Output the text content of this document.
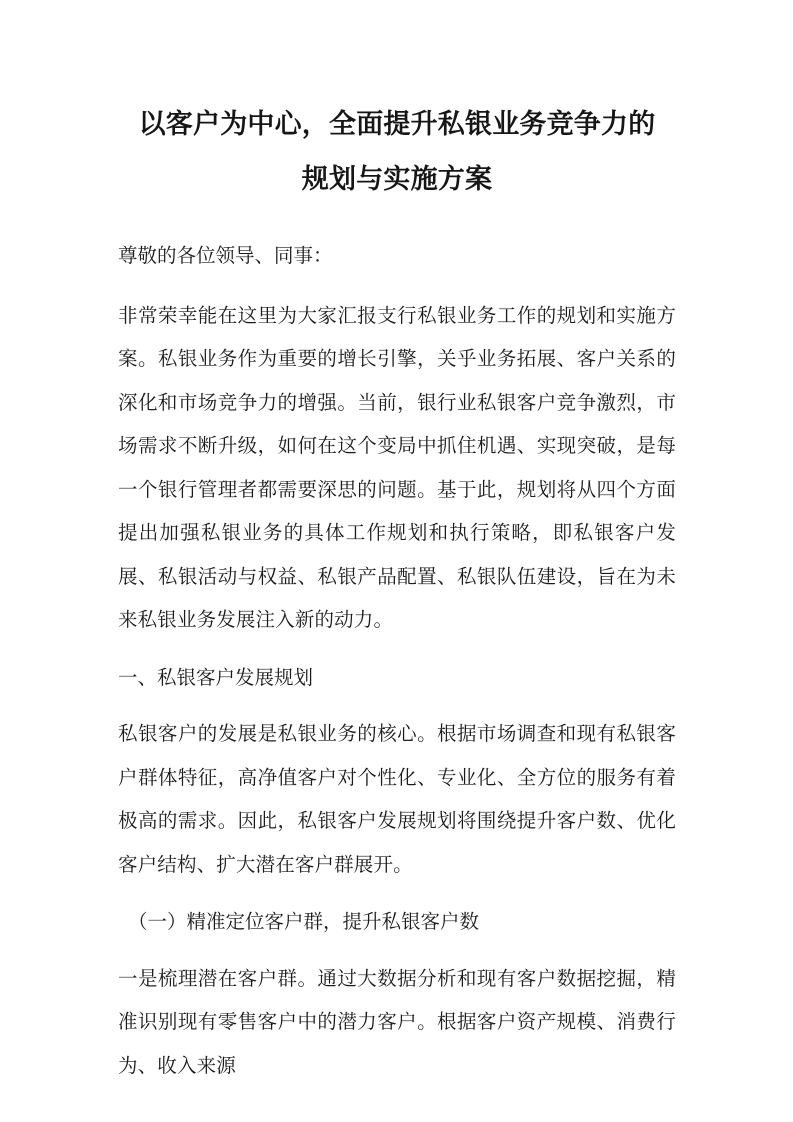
以客户为中心，全面提升私银业务竞争力的
规划与实施方案

尊敬的各位领导、同事：

非常荣幸能在这里为大家汇报支行私银业务工作的规划和实施方案。私银业务作为重要的增长引擎，关乎业务拓展、客户关系的深化和市场竞争力的增强。当前，银行业私银客户竞争激烈，市场需求不断升级，如何在这个变局中抓住机遇、实现突破，是每一个银行管理者都需要深思的问题。基于此，规划将从四个方面提出加强私银业务的具体工作规划和执行策略，即私银客户发展、私银活动与权益、私银产品配置、私银队伍建设，旨在为未来私银业务发展注入新的动力。

一、私银客户发展规划

私银客户的发展是私银业务的核心。根据市场调查和现有私银客户群体特征，高净值客户对个性化、专业化、全方位的服务有着极高的需求。因此，私银客户发展规划将围绕提升客户数、优化客户结构、扩大潜在客户群展开。

（一）精准定位客户群，提升私银客户数

一是梳理潜在客户群。通过大数据分析和现有客户数据挖掘，精准识别现有零售客户中的潜力客户。根据客户资产规模、消费行为、收入来源
